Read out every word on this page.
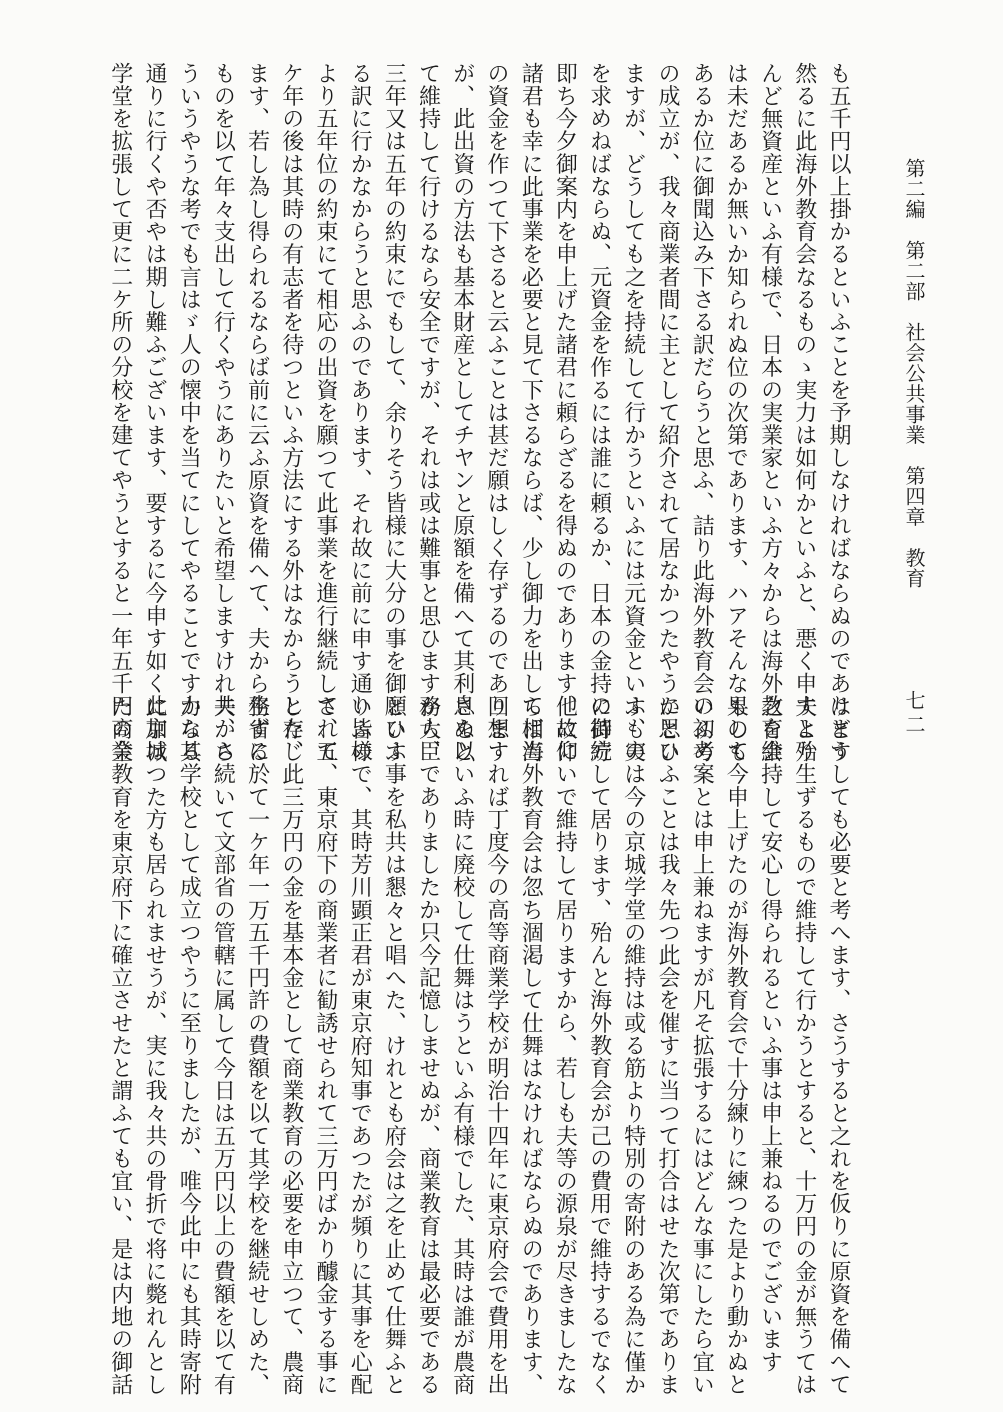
第二編　第二部　社会公共事業　第四章　教育
七二
も五千円以上掛かるといふことを予期しなければならぬのであります
然るに此海外教育会なるものゝ実力は如何かといふと、悪く申すと殆
んど無資産といふ有様で、日本の実業家といふ方々からは海外教育会
は未だあるか無いか知られぬ位の次第であります、ハアそんなものも
あるか位に御聞込み下さる訳だらうと思ふ、詰り此海外教育会の初め
の成立が、我々商業者間に主として紹介されて居なかつたやうに思ひ
ますが、どうしても之を持続して行かうといふには元資金といふもの
を求めねばならぬ、元資金を作るには誰に頼るか、日本の金持の御方
即ち今夕御案内を申上げた諸君に頼らざるを得ぬのであります、故に
諸君も幸に此事業を必要と見て下さるならば、少し御力を出して相当
の資金を作つて下さると云ふことは甚だ願はしく存ずるのであります
が、此出資の方法も基本財産としてチヤンと原額を備へて其利息を以
て維持して行けるなら安全ですが、それは或は難事と思ひますから、
三年又は五年の約束にでもして、余りそう皆様に大分の事を御願ひす
る訳に行かなからうと思ふのであります、それ故に前に申す通り皆様
より五年位の約束にて相応の出資を願つて此事業を進行継続して、五
ケ年の後は其時の有志者を待つといふ方法にする外はなからうと存じ
ます、若し為し得られるならば前に云ふ原資を備へて、夫から生ずる
ものを以て年々支出して行くやうにありたいと希望しますけれ共、さ
ういうやうな考でも言はゞ人の懐中を当てにしてやることですから其
通りに行くや否やは期し難ふございます、要するに今申す如く此京城
学堂を拡張して更に二ケ所の分校を建てやうとすると一年五千円の金
はどうしても必要と考へます、さうすると之れを仮りに原資を備へて
夫より生ずるもので維持して行かうとすると、十万円の金が無うては
之を維持して安心し得られるといふ事は申上兼ねるのでございます
果して今申上げたのが海外教育会で十分練りに練つた是より動かぬと
いふ考案とは申上兼ねますが凡そ拡張するにはどんな事にしたら宜い
かといふことは我々先つ此会を催すに当つて打合はせた次第でありま
す、実は今の京城学堂の維持は或る筋より特別の寄附のある為に僅か
に持続して居ります、殆んと海外教育会が己の費用で維持するでなく
他に仰いで維持して居りますから、若しも夫等の源泉が尽きましたな
らば海外教育会は忽ち涸渇して仕舞はなければならぬのであります、
回想すれば丁度今の高等商業学校が明治十四年に東京府会で費用を出
さぬといふ時に廃校して仕舞はうといふ有様でした、其時は誰が農商
務大臣でありましたか只今記憶しませぬが、商業教育は最必要である
といふ事を私共は懇々と唱へた、けれとも府会は之を止めて仕舞ふと
いふので、其時芳川顕正君が東京府知事であつたが頻りに其事を心配
されて、東京府下の商業者に勧誘せられて三万円ばかり醵金する事に
した、此三万円の金を基本金として商業教育の必要を申立つて、農商
務省に於て一ケ年一万五千円許の費額を以て其学校を継続せしめた、
夫から続いて文部省の管轄に属して今日は五万円以上の費額を以て有
力なる学校として成立つやうに至りましたが、唯今此中にも其時寄附
に加はつた方も居られませうが、実に我々共の骨折で将に斃れんとし
た商業教育を東京府下に確立させたと謂ふても宜い、是は内地の御話
